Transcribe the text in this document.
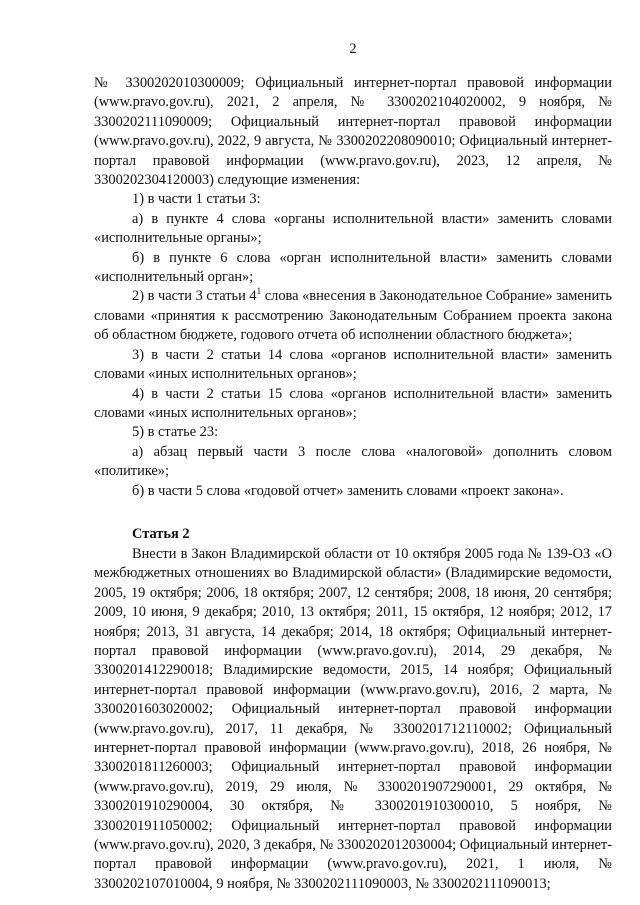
2

№ 3300202010300009; Официальный интернет-портал правовой информации (www.pravo.gov.ru), 2021, 2 апреля, № 3300202104020002, 9 ноября, № 3300202111090009; Официальный интернет-портал правовой информации (www.pravo.gov.ru), 2022, 9 августа, № 3300202208090010; Официальный интернет-портал правовой информации (www.pravo.gov.ru), 2023, 12 апреля, № 3300202304120003) следующие изменения:

1) в части 1 статьи 3:

а) в пункте 4 слова «органы исполнительной власти» заменить словами «исполнительные органы»;

б) в пункте 6 слова «орган исполнительной власти» заменить словами «исполнительный орган»;

2) в части 3 статьи $4^1$ слова «внесения в Законодательное Собрание» заменить словами «принятия к рассмотрению Законодательным Собранием проекта закона об областном бюджете, годового отчета об исполнении областного бюджета»;

3) в части 2 статьи 14 слова «органов исполнительной власти» заменить словами «иных исполнительных органов»;

4) в части 2 статьи 15 слова «органов исполнительной власти» заменить словами «иных исполнительных органов»;

5) в статье 23:

а) абзац первый части 3 после слова «налоговой» дополнить словом «политике»;

б) в части 5 слова «годовой отчет» заменить словами «проект закона».

Статья 2

Внести в Закон Владимирской области от 10 октября 2005 года № 139-ОЗ «О межбюджетных отношениях во Владимирской области» (Владимирские ведомости, 2005, 19 октября; 2006, 18 октября; 2007, 12 сентября; 2008, 18 июня, 20 сентября; 2009, 10 июня, 9 декабря; 2010, 13 октября; 2011, 15 октября, 12 ноября; 2012, 17 ноября; 2013, 31 августа, 14 декабря; 2014, 18 октября; Официальный интернет-портал правовой информации (www.pravo.gov.ru), 2014, 29 декабря, № 3300201412290018; Владимирские ведомости, 2015, 14 ноября; Официальный интернет-портал правовой информации (www.pravo.gov.ru), 2016, 2 марта, № 3300201603020002; Официальный интернет-портал правовой информации (www.pravo.gov.ru), 2017, 11 декабря, № 3300201712110002; Официальный интернет-портал правовой информации (www.pravo.gov.ru), 2018, 26 ноября, № 3300201811260003; Официальный интернет-портал правовой информации (www.pravo.gov.ru), 2019, 29 июля, № 3300201907290001, 29 октября, № 3300201910290004, 30 октября, № 3300201910300010, 5 ноября, № 3300201911050002; Официальный интернет-портал правовой информации (www.pravo.gov.ru), 2020, 3 декабря, № 3300202012030004; Официальный интернет-портал правовой информации (www.pravo.gov.ru), 2021, 1 июля, № 3300202107010004, 9 ноября, № 3300202111090003, № 3300202111090013;
